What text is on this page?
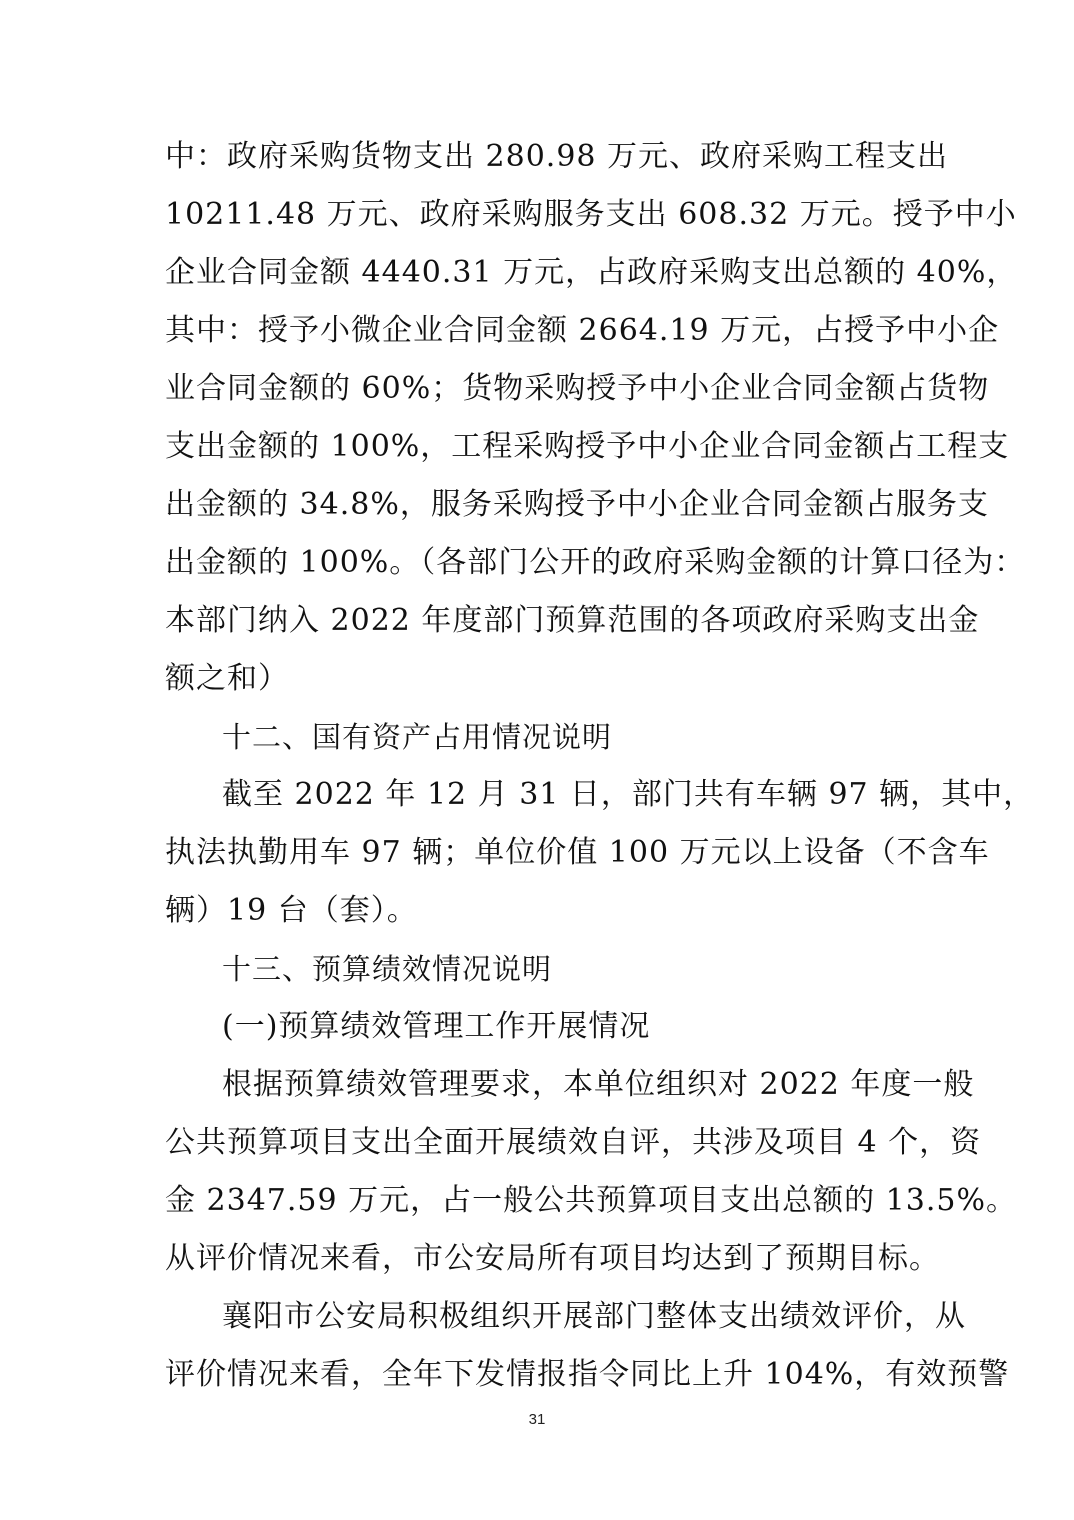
中：政府采购货物支出 280.98 万元、政府采购工程支出
10211.48 万元、政府采购服务支出 608.32 万元。授予中小
企业合同金额 4440.31 万元，占政府采购支出总额的 40%，
其中：授予小微企业合同金额 2664.19 万元，占授予中小企
业合同金额的 60%；货物采购授予中小企业合同金额占货物
支出金额的 100%，工程采购授予中小企业合同金额占工程支
出金额的 34.8%，服务采购授予中小企业合同金额占服务支
出金额的 100%。（各部门公开的政府采购金额的计算口径为：
本部门纳入 2022 年度部门预算范围的各项政府采购支出金
额之和）
十二、国有资产占用情况说明
截至 2022 年 12 月 31 日，部门共有车辆 97 辆，其中，
执法执勤用车 97 辆；单位价值 100 万元以上设备（不含车
辆）19 台（套）。
十三、预算绩效情况说明
(一)预算绩效管理工作开展情况
根据预算绩效管理要求，本单位组织对 2022 年度一般
公共预算项目支出全面开展绩效自评，共涉及项目 4 个，资
金 2347.59 万元，占一般公共预算项目支出总额的 13.5%。
从评价情况来看，市公安局所有项目均达到了预期目标。
襄阳市公安局积极组织开展部门整体支出绩效评价，从
评价情况来看，全年下发情报指令同比上升 104%，有效预警
31
